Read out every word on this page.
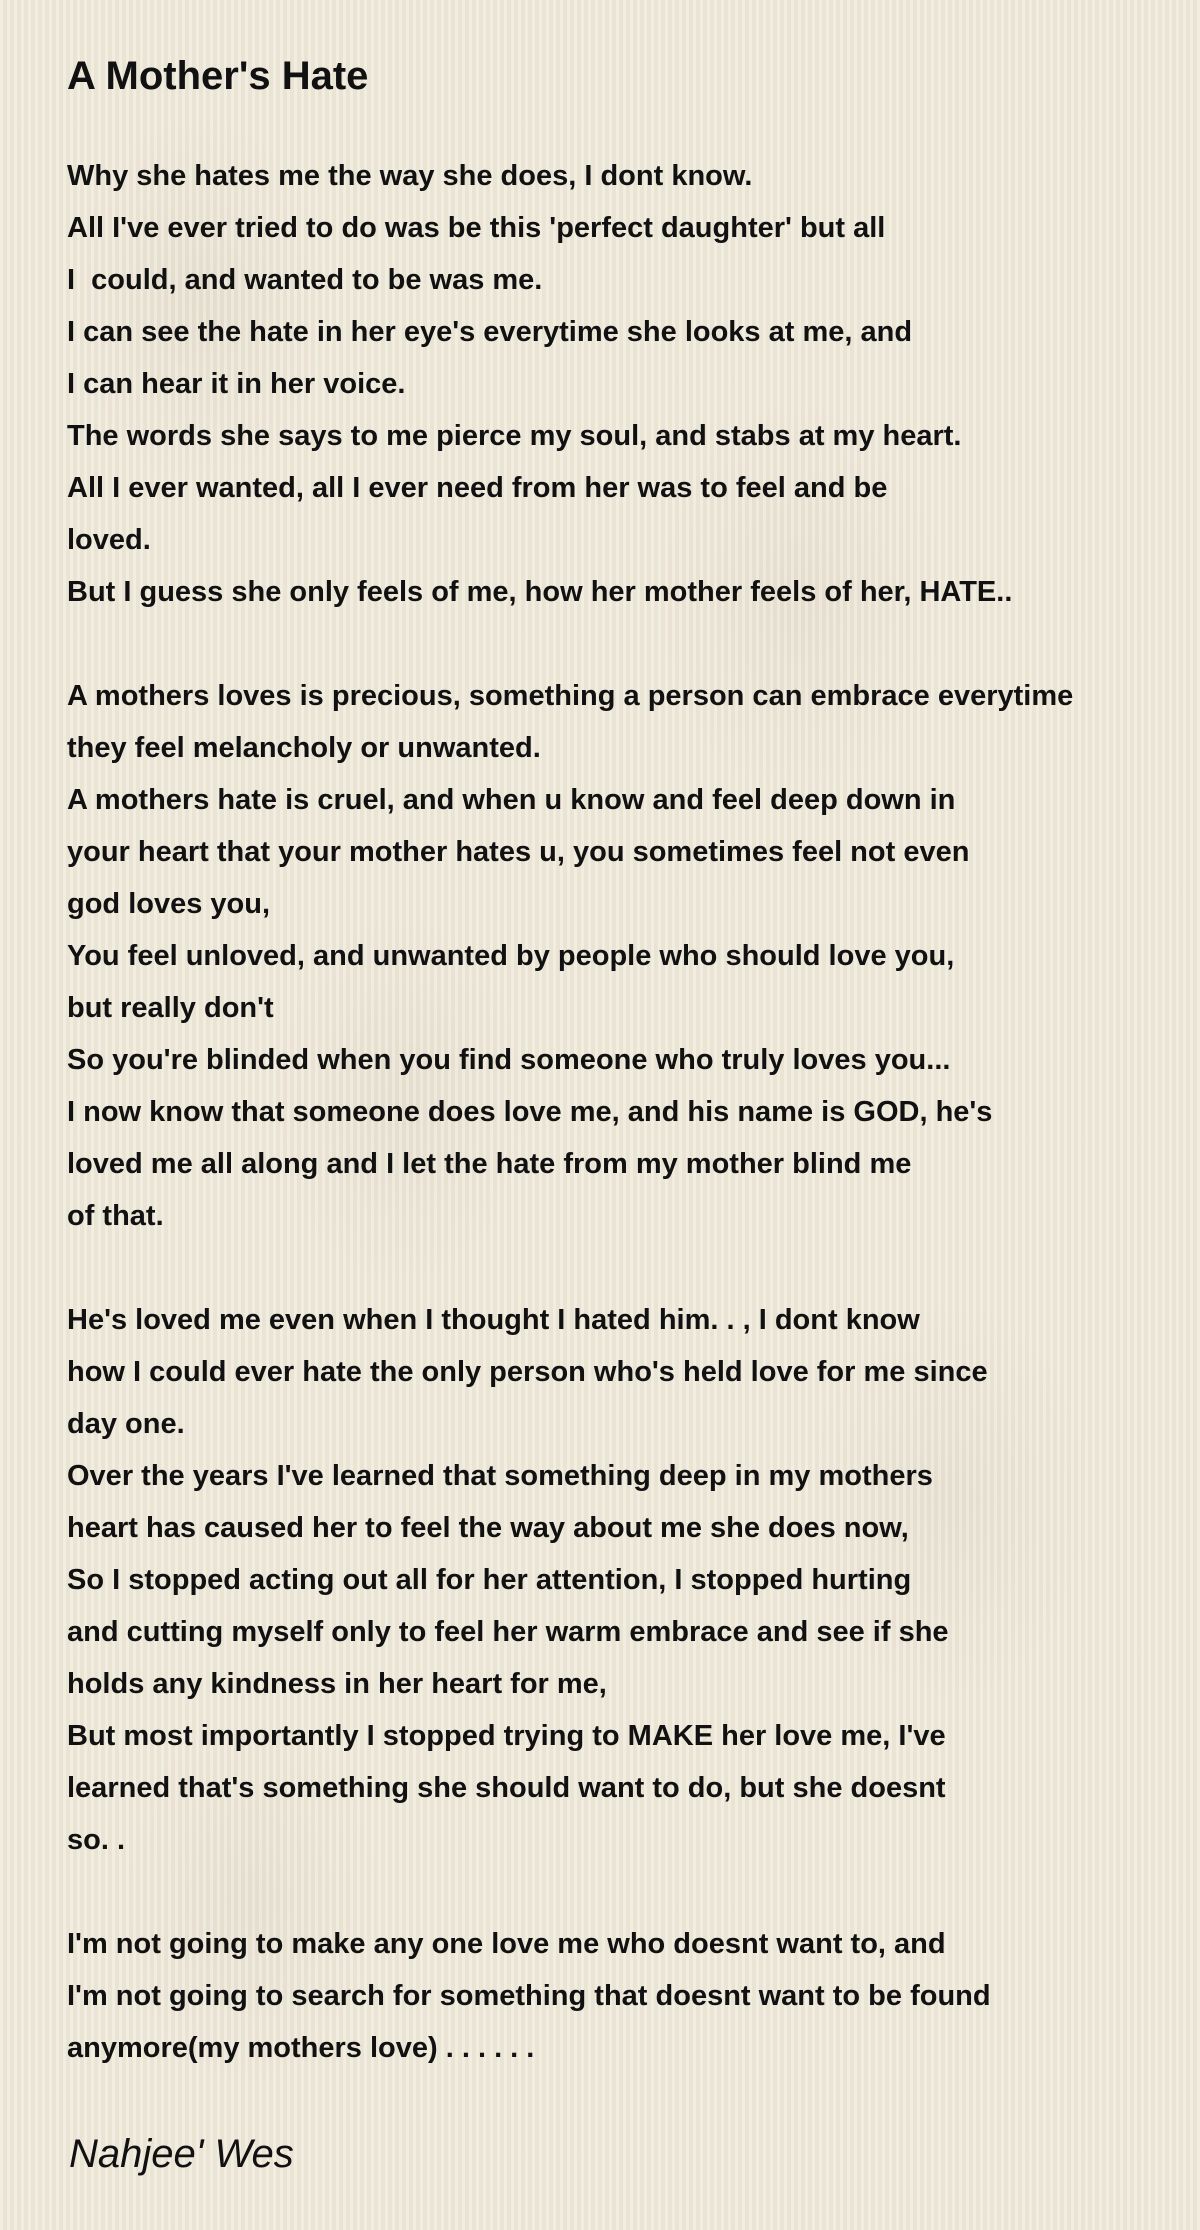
A Mother's Hate
Why she hates me the way she does, I dont know.
All I've ever tried to do was be this 'perfect daughter' but all
I  could, and wanted to be was me.
I can see the hate in her eye's everytime she looks at me, and
I can hear it in her voice.
The words she says to me pierce my soul, and stabs at my heart.
All I ever wanted, all I ever need from her was to feel and be
loved.
But I guess she only feels of me, how her mother feels of her, HATE..
A mothers loves is precious, something a person can embrace everytime
they feel melancholy or unwanted.
A mothers hate is cruel, and when u know and feel deep down in
your heart that your mother hates u, you sometimes feel not even
god loves you,
You feel unloved, and unwanted by people who should love you,
but really don't
So you're blinded when you find someone who truly loves you...
I now know that someone does love me, and his name is GOD, he's
loved me all along and I let the hate from my mother blind me
of that.
He's loved me even when I thought I hated him. . , I dont know
how I could ever hate the only person who's held love for me since
day one.
Over the years I've learned that something deep in my mothers
heart has caused her to feel the way about me she does now,
So I stopped acting out all for her attention, I stopped hurting
and cutting myself only to feel her warm embrace and see if she
holds any kindness in her heart for me,
But most importantly I stopped trying to MAKE her love me, I've
learned that's something she should want to do, but she doesnt
so. .
I'm not going to make any one love me who doesnt want to, and
I'm not going to search for something that doesnt want to be found
anymore(my mothers love) . . . . . .
Nahjee' Wes
